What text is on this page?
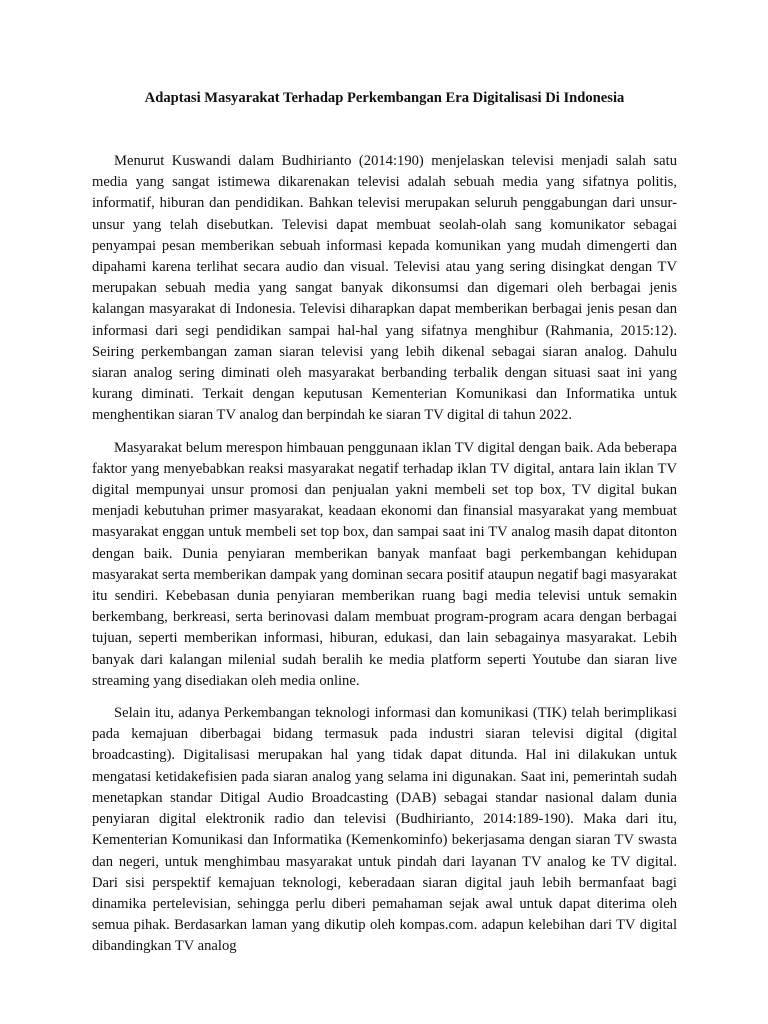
Adaptasi Masyarakat Terhadap Perkembangan Era Digitalisasi Di Indonesia

Menurut Kuswandi dalam Budhirianto (2014:190) menjelaskan televisi menjadi salah satu media yang sangat istimewa dikarenakan televisi adalah sebuah media yang sifatnya politis, informatif, hiburan dan pendidikan. Bahkan televisi merupakan seluruh penggabungan dari unsur-unsur yang telah disebutkan. Televisi dapat membuat seolah-olah sang komunikator sebagai penyampai pesan memberikan sebuah informasi kepada komunikan yang mudah dimengerti dan dipahami karena terlihat secara audio dan visual. Televisi atau yang sering disingkat dengan TV merupakan sebuah media yang sangat banyak dikonsumsi dan digemari oleh berbagai jenis kalangan masyarakat di Indonesia. Televisi diharapkan dapat memberikan berbagai jenis pesan dan informasi dari segi pendidikan sampai hal-hal yang sifatnya menghibur (Rahmania, 2015:12). Seiring perkembangan zaman siaran televisi yang lebih dikenal sebagai siaran analog. Dahulu siaran analog sering diminati oleh masyarakat berbanding terbalik dengan situasi saat ini yang kurang diminati. Terkait dengan keputusan Kementerian Komunikasi dan Informatika untuk menghentikan siaran TV analog dan berpindah ke siaran TV digital di tahun 2022.

Masyarakat belum merespon himbauan penggunaan iklan TV digital dengan baik. Ada beberapa faktor yang menyebabkan reaksi masyarakat negatif terhadap iklan TV digital, antara lain iklan TV digital mempunyai unsur promosi dan penjualan yakni membeli set top box, TV digital bukan menjadi kebutuhan primer masyarakat, keadaan ekonomi dan finansial masyarakat yang membuat masyarakat enggan untuk membeli set top box, dan sampai saat ini TV analog masih dapat ditonton dengan baik. Dunia penyiaran memberikan banyak manfaat bagi perkembangan kehidupan masyarakat serta memberikan dampak yang dominan secara positif ataupun negatif bagi masyarakat itu sendiri. Kebebasan dunia penyiaran memberikan ruang bagi media televisi untuk semakin berkembang, berkreasi, serta berinovasi dalam membuat program-program acara dengan berbagai tujuan, seperti memberikan informasi, hiburan, edukasi, dan lain sebagainya masyarakat. Lebih banyak dari kalangan milenial sudah beralih ke media platform seperti Youtube dan siaran live streaming yang disediakan oleh media online.

Selain itu, adanya Perkembangan teknologi informasi dan komunikasi (TIK) telah berimplikasi pada kemajuan diberbagai bidang termasuk pada industri siaran televisi digital (digital broadcasting). Digitalisasi merupakan hal yang tidak dapat ditunda. Hal ini dilakukan untuk mengatasi ketidakefisien pada siaran analog yang selama ini digunakan. Saat ini, pemerintah sudah menetapkan standar Ditigal Audio Broadcasting (DAB) sebagai standar nasional dalam dunia penyiaran digital elektronik radio dan televisi (Budhirianto, 2014:189-190). Maka dari itu, Kementerian Komunikasi dan Informatika (Kemenkominfo) bekerjasama dengan siaran TV swasta dan negeri, untuk menghimbau masyarakat untuk pindah dari layanan TV analog ke TV digital. Dari sisi perspektif kemajuan teknologi, keberadaan siaran digital jauh lebih bermanfaat bagi dinamika pertelevisian, sehingga perlu diberi pemahaman sejak awal untuk dapat diterima oleh semua pihak. Berdasarkan laman yang dikutip oleh kompas.com. adapun kelebihan dari TV digital dibandingkan TV analog
